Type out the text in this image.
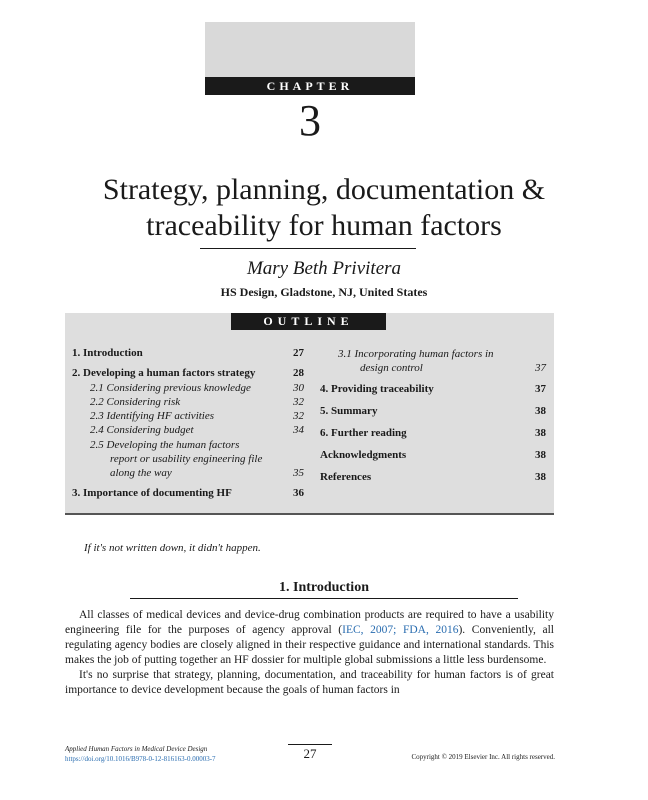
CHAPTER
3
Strategy, planning, documentation &
traceability for human factors
Mary Beth Privitera
HS Design, Gladstone, NJ, United States
OUTLINE
1. Introduction	27
2. Developing a human factors strategy	28
2.1 Considering previous knowledge	30
2.2 Considering risk	32
2.3 Identifying HF activities	32
2.4 Considering budget	34
2.5 Developing the human factors
report or usability engineering file
along the way	35
3. Importance of documenting HF	36
3.1 Incorporating human factors in
design control	37
4. Providing traceability	37
5. Summary	38
6. Further reading	38
Acknowledgments	38
References	38
If it's not written down, it didn't happen.
1. Introduction

All classes of medical devices and device-drug combination products are required to have a usability engineering file for the purposes of agency approval (IEC, 2007; FDA, 2016). Conveniently, all regulating agency bodies are closely aligned in their respective guidance and international standards. This makes the job of putting together an HF dossier for multiple global submissions a little less burdensome.

It's no surprise that strategy, planning, documentation, and traceability for human factors is of great importance to device development because the goals of human factors in

Applied Human Factors in Medical Device Design
https://doi.org/10.1016/B978-0-12-816163-0.00003-7	27	Copyright © 2019 Elsevier Inc. All rights reserved.
